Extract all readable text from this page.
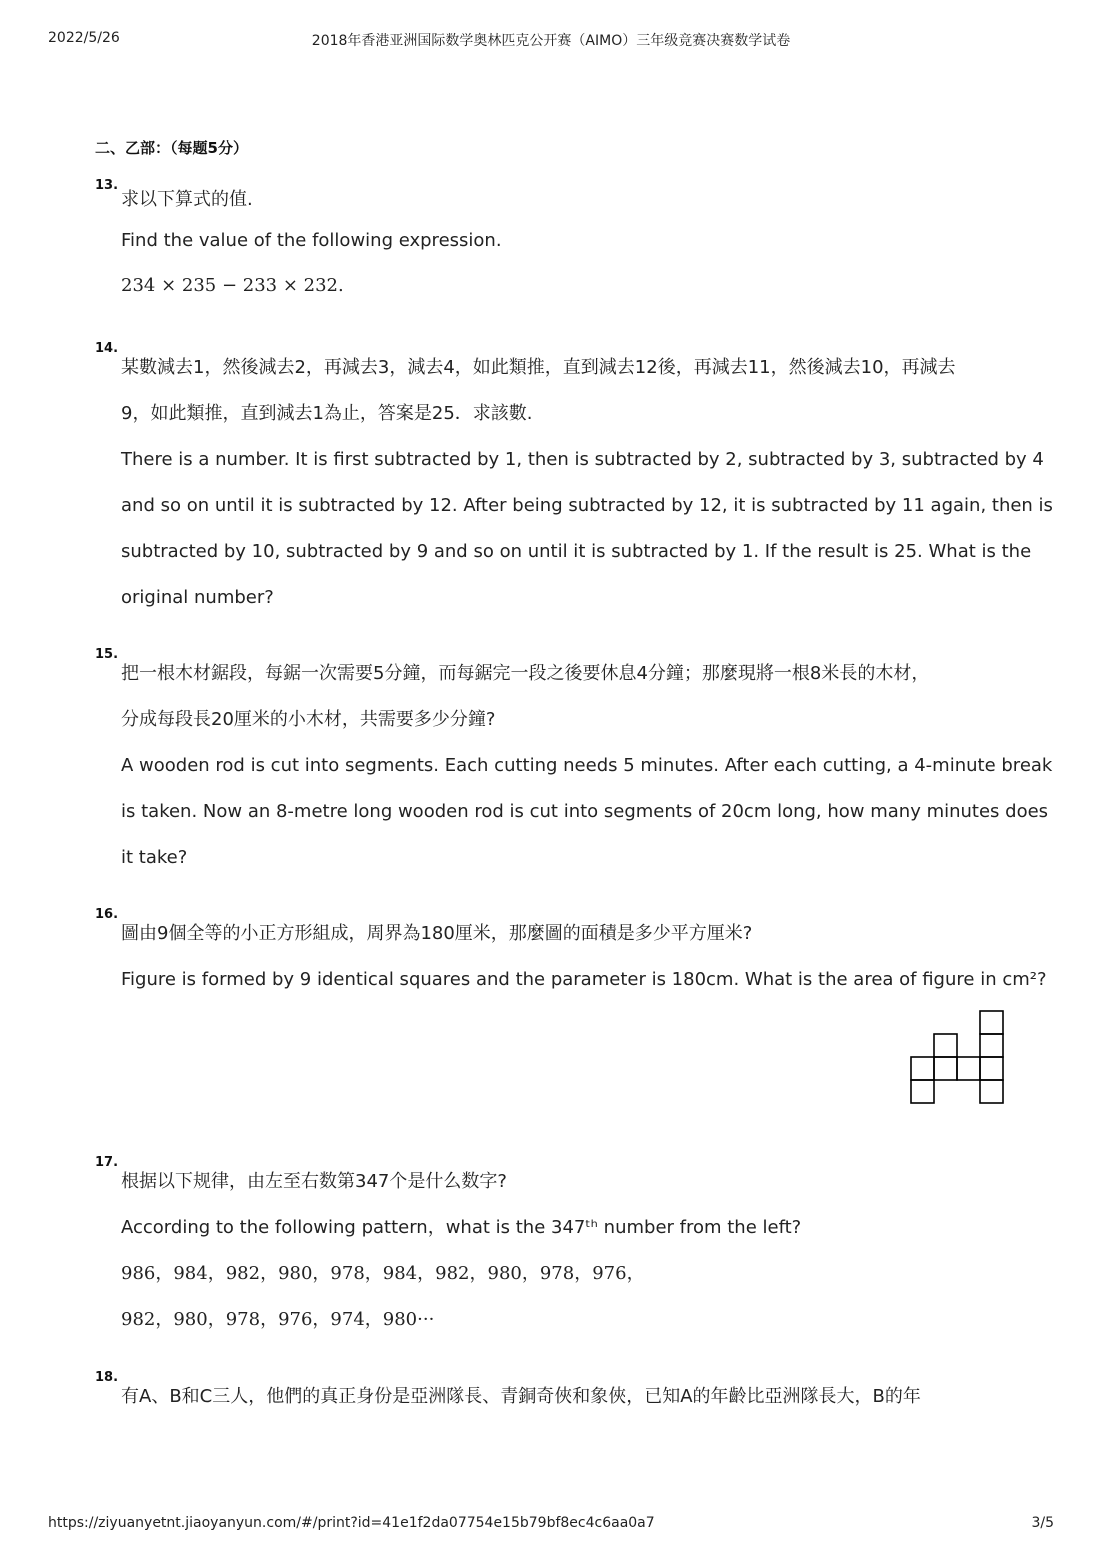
2022/5/26	2018年香港亚洲国际数学奥林匹克公开赛（AIMO）三年级竞赛决赛数学试卷
二、乙部：（每题5分）
13.
求以下算式的值.
Find the value of the following expression.
234 × 235 − 233 × 232.
14.
某數減去1，然後減去2，再減去3，減去4，如此類推，直到減去12後，再減去11，然後減去10，再減去
9，如此類推，直到減去1為止，答案是25．求該數.
There is a number. It is first subtracted by 1, then is subtracted by 2, subtracted by 3, subtracted by 4
and so on until it is subtracted by 12. After being subtracted by 12, it is subtracted by 11 again, then is
subtracted by 10, subtracted by 9 and so on until it is subtracted by 1. If the result is 25. What is the
original number?
15.
把一根木材鋸段，每鋸一次需要5分鐘，而每鋸完一段之後要休息4分鐘；那麼現將一根8米長的木材，
分成每段長20厘米的小木材，共需要多少分鐘?
A wooden rod is cut into segments. Each cutting needs 5 minutes. After each cutting, a 4-minute break
is taken. Now an 8-metre long wooden rod is cut into segments of 20cm long, how many minutes does
it take?
16.
圖由9個全等的小正方形組成，周界為180厘米，那麼圖的面積是多少平方厘米?
Figure is formed by 9 identical squares and the parameter is 180cm. What is the area of figure in cm²?
17.
根据以下规律，由左至右数第347个是什么数字?
According to the following pattern，what is the 347ᵗʰ number from the left?
986，984，982，980，978，984，982，980，978，976，
982，980，978，976，974，980···
18.
有A、B和C三人，他們的真正身份是亞洲隊長、青銅奇俠和象俠，已知A的年齡比亞洲隊長大，B的年
https://ziyuanyetnt.jiaoyanyun.com/#/print?id=41e1f2da07754e15b79bf8ec4c6aa0a7	3/5
